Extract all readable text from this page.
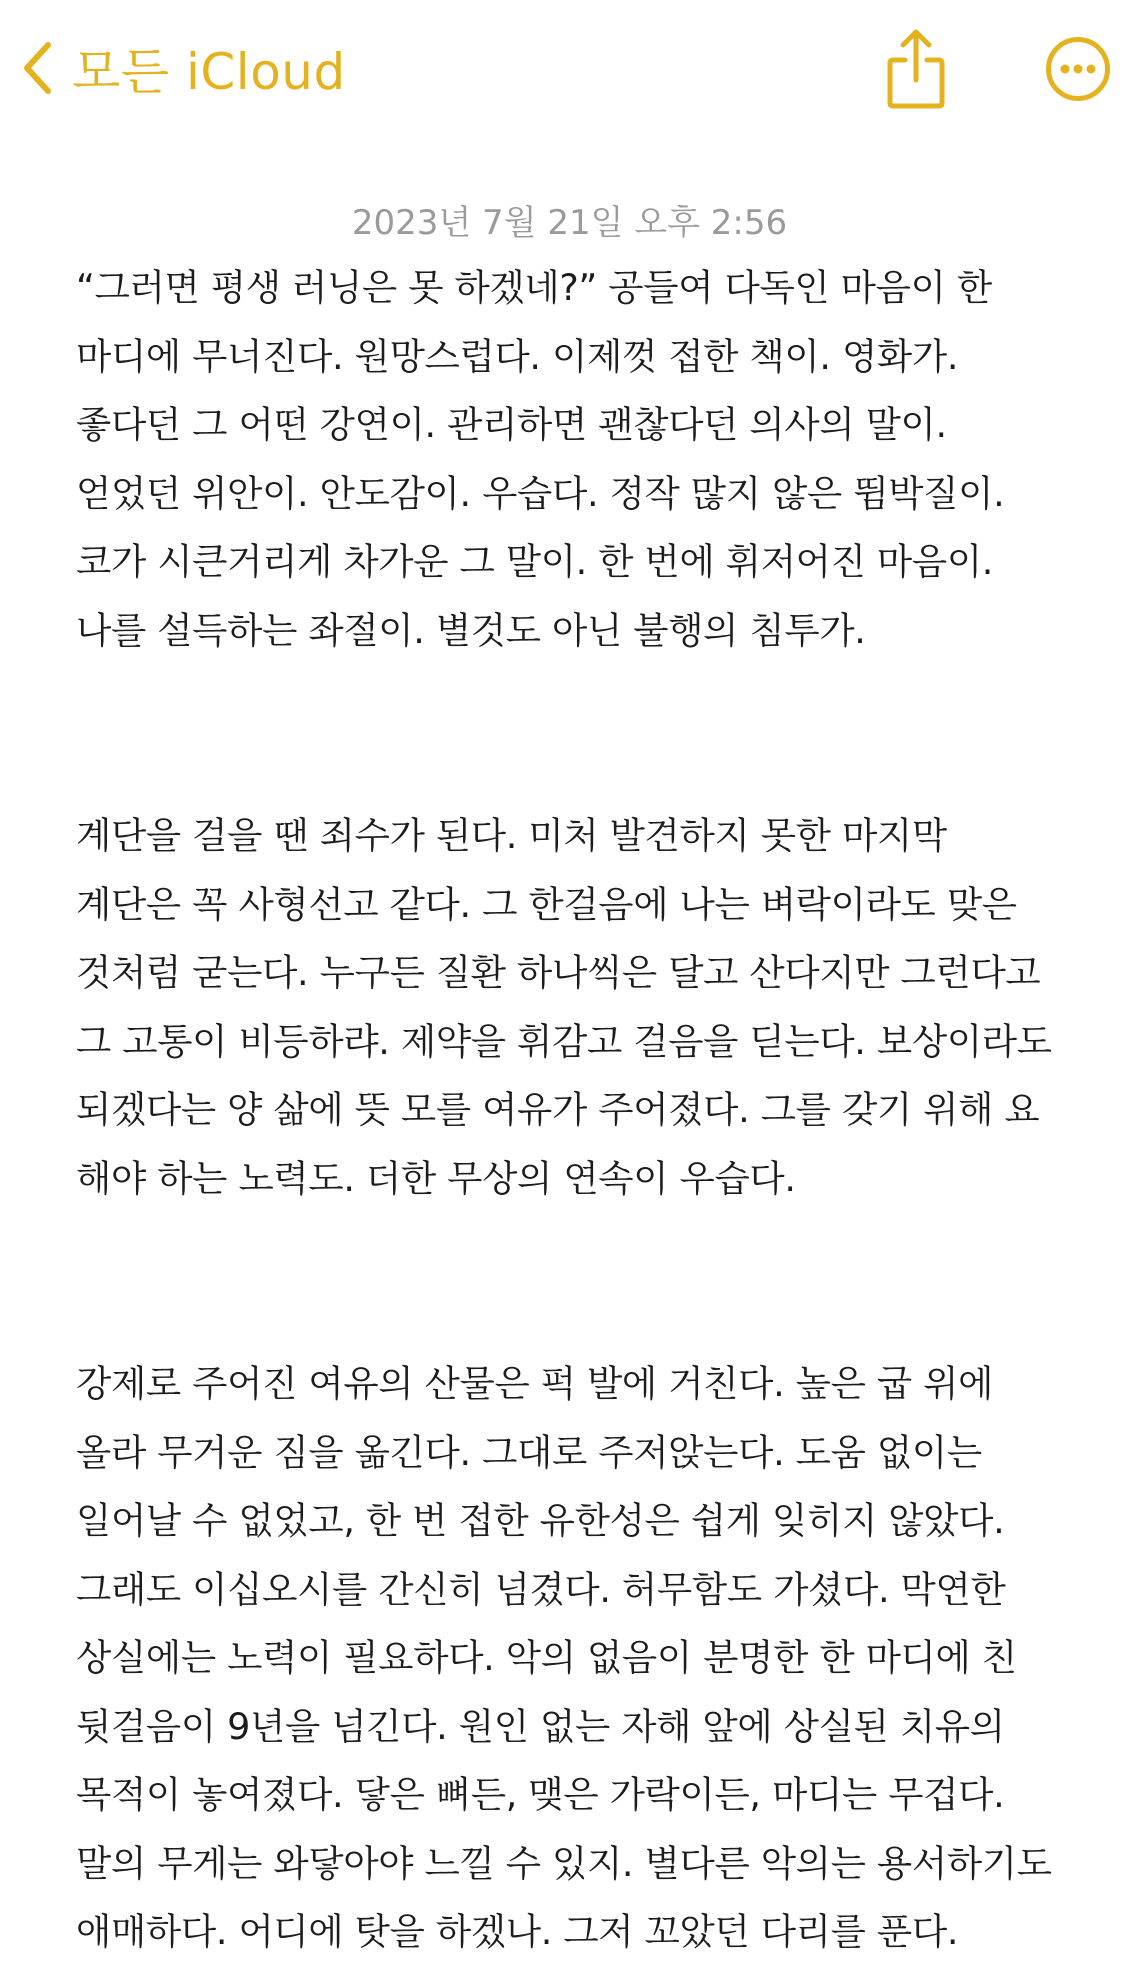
모든 iCloud
2023년 7월 21일 오후 2:56
“그러면 평생 러닝은 못 하겠네?” 공들여 다독인 마음이 한
마디에 무너진다. 원망스럽다. 이제껏 접한 책이. 영화가.
좋다던 그 어떤 강연이. 관리하면 괜찮다던 의사의 말이.
얻었던 위안이. 안도감이. 우습다. 정작 많지 않은 뜀박질이.
코가 시큰거리게 차가운 그 말이. 한 번에 휘저어진 마음이.
나를 설득하는 좌절이. 별것도 아닌 불행의 침투가.
계단을 걸을 땐 죄수가 된다. 미처 발견하지 못한 마지막
계단은 꼭 사형선고 같다. 그 한걸음에 나는 벼락이라도 맞은
것처럼 굳는다. 누구든 질환 하나씩은 달고 산다지만 그런다고
그 고통이 비등하랴. 제약을 휘감고 걸음을 딛는다. 보상이라도
되겠다는 양 삶에 뜻 모를 여유가 주어졌다. 그를 갖기 위해 요
해야 하는 노력도. 더한 무상의 연속이 우습다.
강제로 주어진 여유의 산물은 퍽 발에 거친다. 높은 굽 위에
올라 무거운 짐을 옮긴다. 그대로 주저앉는다. 도움 없이는
일어날 수 없었고, 한 번 접한 유한성은 쉽게 잊히지 않았다.
그래도 이십오시를 간신히 넘겼다. 허무함도 가셨다. 막연한
상실에는 노력이 필요하다. 악의 없음이 분명한 한 마디에 친
뒷걸음이 9년을 넘긴다. 원인 없는 자해 앞에 상실된 치유의
목적이 놓여졌다. 닿은 뼈든, 맺은 가락이든, 마디는 무겁다.
말의 무게는 와닿아야 느낄 수 있지. 별다른 악의는 용서하기도
애매하다. 어디에 탓을 하겠나. 그저 꼬았던 다리를 푼다.
